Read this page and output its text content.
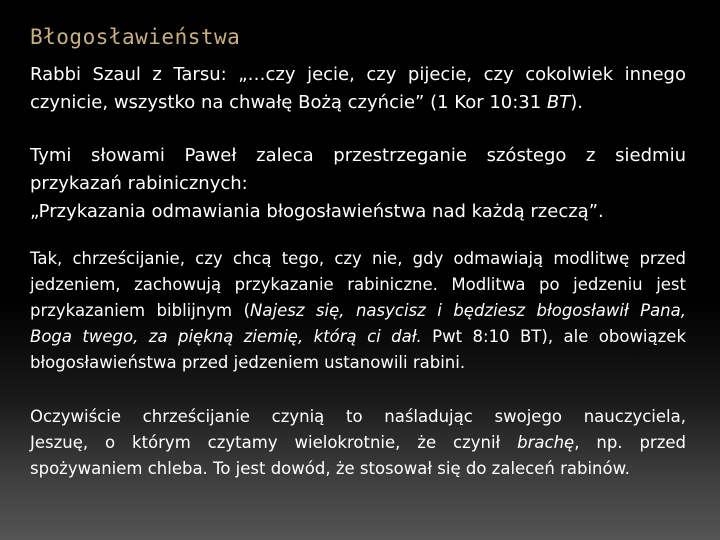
Błogosławieństwa
Rabbi Szaul z Tarsu: „…czy jecie, czy pijecie, czy cokolwiek innego
czynicie, wszystko na chwałę Bożą czyńcie” (1 Kor 10:31 BT).
Tymi słowami Paweł zaleca przestrzeganie szóstego z siedmiu
przykazań rabinicznych:
„Przykazania odmawiania błogosławieństwa nad każdą rzeczą”.
Tak, chrześcijanie, czy chcą tego, czy nie, gdy odmawiają modlitwę przed
jedzeniem, zachowują przykazanie rabiniczne. Modlitwa po jedzeniu jest
przykazaniem biblijnym (Najesz się, nasycisz i będziesz błogosławił Pana,
Boga twego, za piękną ziemię, którą ci dał. Pwt 8:10 BT), ale obowiązek
błogosławieństwa przed jedzeniem ustanowili rabini.
Oczywiście chrześcijanie czynią to naśladując swojego nauczyciela,
Jeszuę, o którym czytamy wielokrotnie, że czynił brachę, np. przed
spożywaniem chleba. To jest dowód, że stosował się do zaleceń rabinów.
